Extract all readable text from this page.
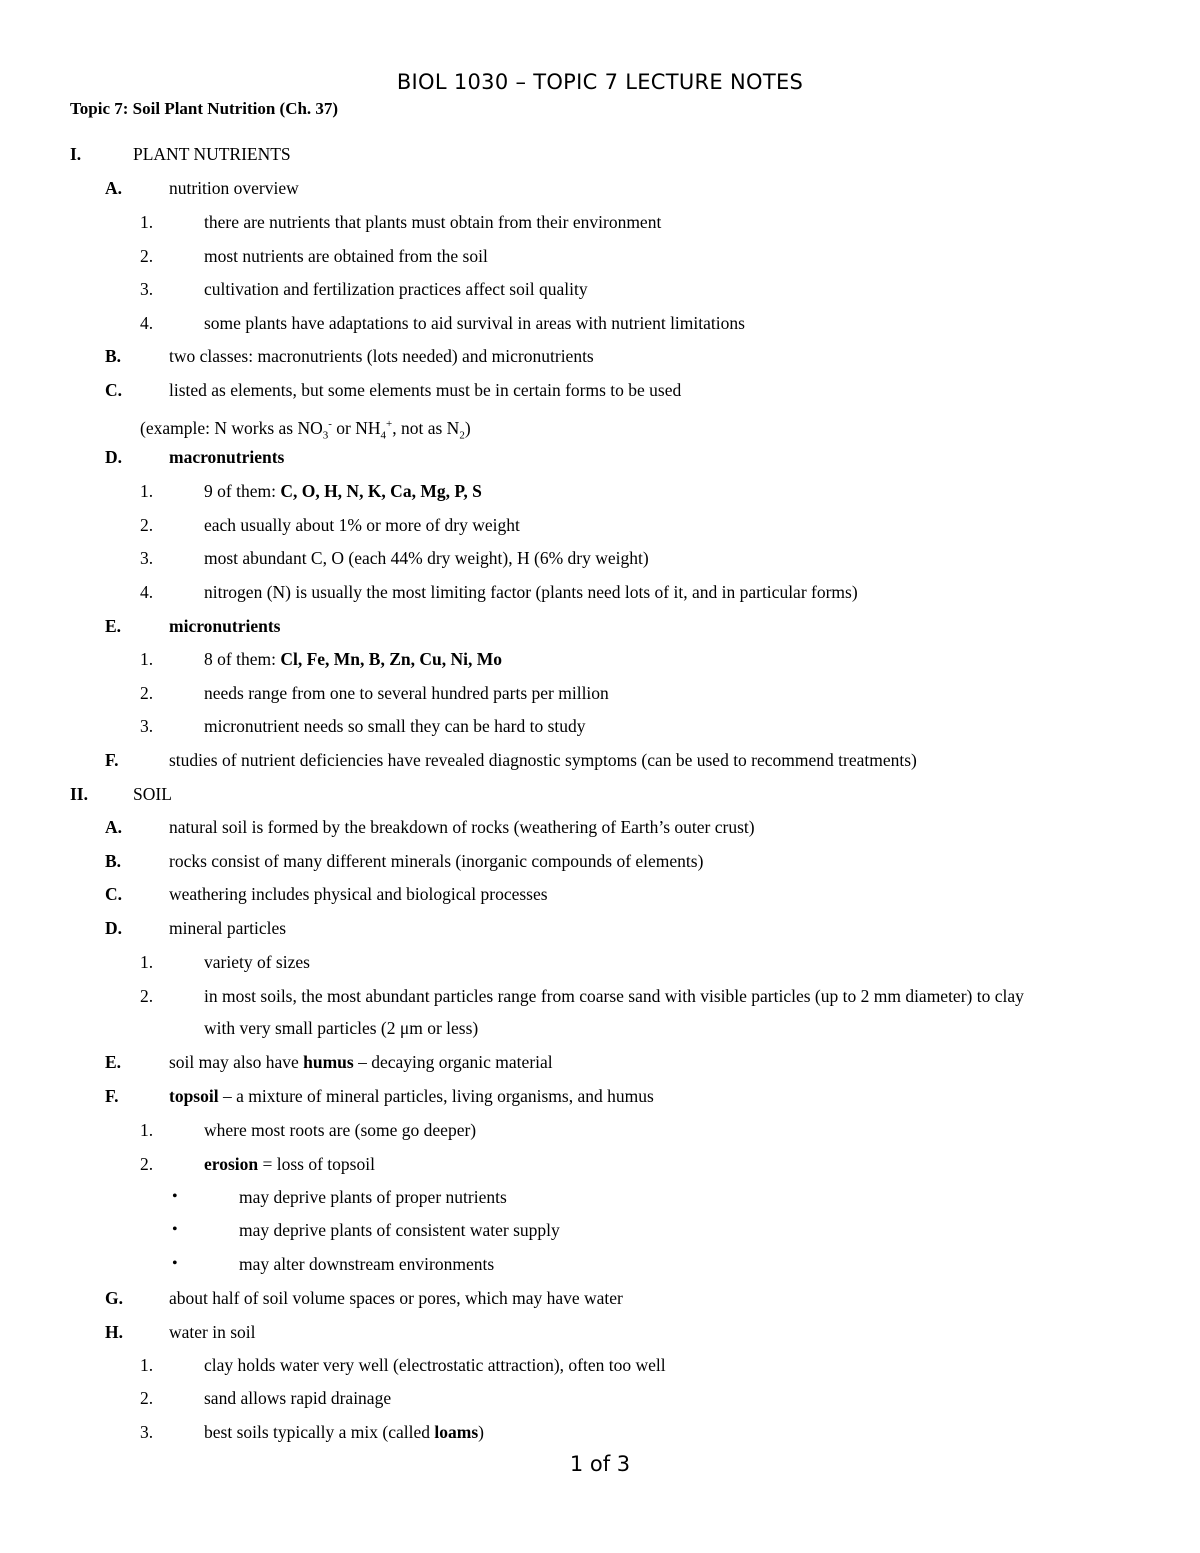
BIOL 1030 – TOPIC 7 LECTURE NOTES
Topic 7: Soil Plant Nutrition (Ch. 37)
I.	PLANT NUTRIENTS
A.	nutrition overview
1.	there are nutrients that plants must obtain from their environment
2.	most nutrients are obtained from the soil
3.	cultivation and fertilization practices affect soil quality
4.	some plants have adaptations to aid survival in areas with nutrient limitations
B.	two classes: macronutrients (lots needed) and micronutrients
C.	listed as elements, but some elements must be in certain forms to be used
(example: N works as $NO_3^-$ or $NH_4^+$, not as $N_2$)
D.	macronutrients
1.	9 of them: C, O, H, N, K, Ca, Mg, P, S
2.	each usually about 1% or more of dry weight
3.	most abundant C, O (each 44% dry weight), H (6% dry weight)
4.	nitrogen (N) is usually the most limiting factor (plants need lots of it, and in particular forms)
E.	micronutrients
1.	8 of them: Cl, Fe, Mn, B, Zn, Cu, Ni, Mo
2.	needs range from one to several hundred parts per million
3.	micronutrient needs so small they can be hard to study
F.	studies of nutrient deficiencies have revealed diagnostic symptoms (can be used to recommend treatments)
II.	SOIL
A.	natural soil is formed by the breakdown of rocks (weathering of Earth’s outer crust)
B.	rocks consist of many different minerals (inorganic compounds of elements)
C.	weathering includes physical and biological processes
D.	mineral particles
1.	variety of sizes
2.	in most soils, the most abundant particles range from coarse sand with visible particles (up to 2 mm diameter) to clay
with very small particles (2 μm or less)
E.	soil may also have humus – decaying organic material
F.	topsoil – a mixture of mineral particles, living organisms, and humus
1.	where most roots are (some go deeper)
2.	erosion = loss of topsoil
•	may deprive plants of proper nutrients
•	may deprive plants of consistent water supply
•	may alter downstream environments
G.	about half of soil volume spaces or pores, which may have water
H.	water in soil
1.	clay holds water very well (electrostatic attraction), often too well
2.	sand allows rapid drainage
3.	best soils typically a mix (called loams)
1 of 3
